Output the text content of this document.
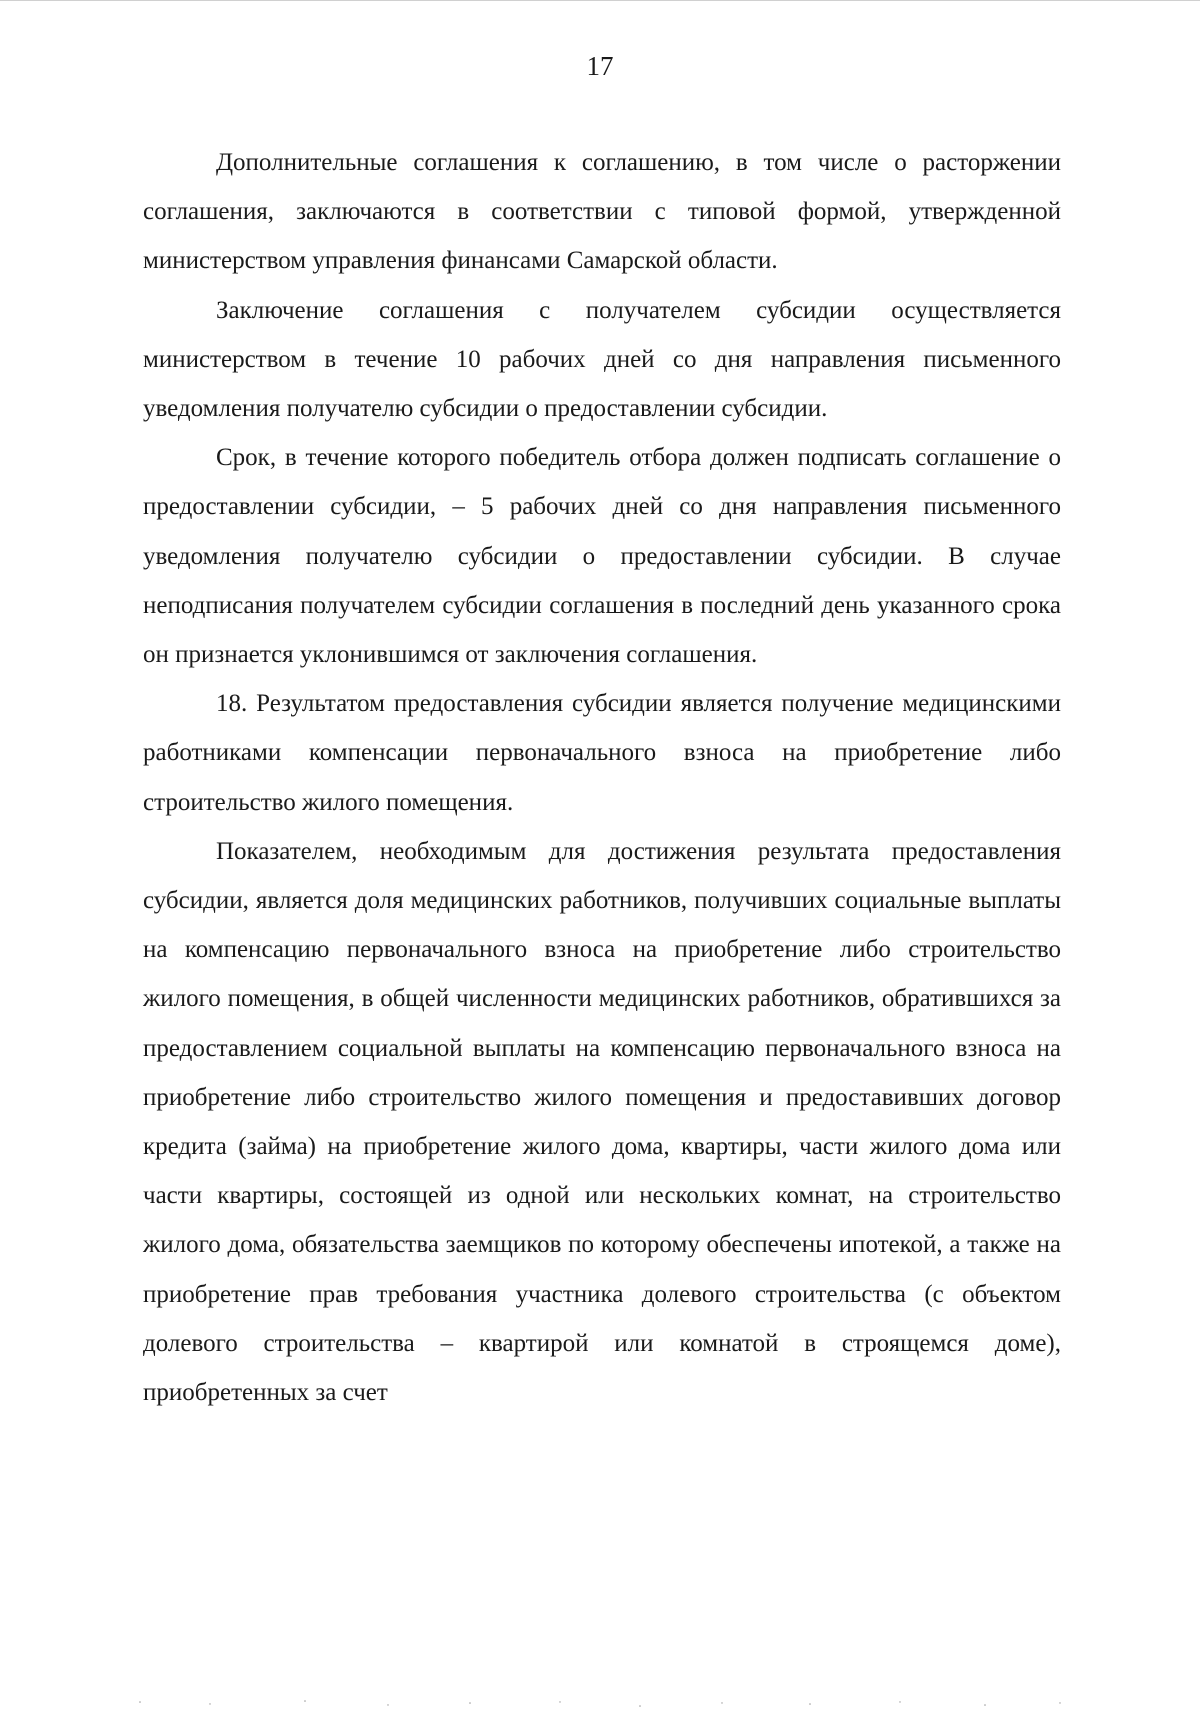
17

Дополнительные соглашения к соглашению, в том числе о расторжении соглашения, заключаются в соответствии с типовой формой, утвержденной министерством управления финансами Самарской области.

Заключение соглашения с получателем субсидии осуществляется министерством в течение 10 рабочих дней со дня направления письменного уведомления получателю субсидии о предоставлении субсидии.

Срок, в течение которого победитель отбора должен подписать соглашение о предоставлении субсидии, – 5 рабочих дней со дня направления письменного уведомления получателю субсидии о предоставлении субсидии. В случае неподписания получателем субсидии соглашения в последний день указанного срока он признается уклонившимся от заключения соглашения.

18. Результатом предоставления субсидии является получение медицинскими работниками компенсации первоначального взноса на приобретение либо строительство жилого помещения.

Показателем, необходимым для достижения результата предоставления субсидии, является доля медицинских работников, получивших социальные выплаты на компенсацию первоначального взноса на приобретение либо строительство жилого помещения, в общей численности медицинских работников, обратившихся за предоставлением социальной выплаты на компенсацию первоначального взноса на приобретение либо строительство жилого помещения и предоставивших договор кредита (займа) на приобретение жилого дома, квартиры, части жилого дома или части квартиры, состоящей из одной или нескольких комнат, на строительство жилого дома, обязательства заемщиков по которому обеспечены ипотекой, а также на приобретение прав требования участника долевого строительства (с объектом долевого строительства – квартирой или комнатой в строящемся доме), приобретенных за счет
